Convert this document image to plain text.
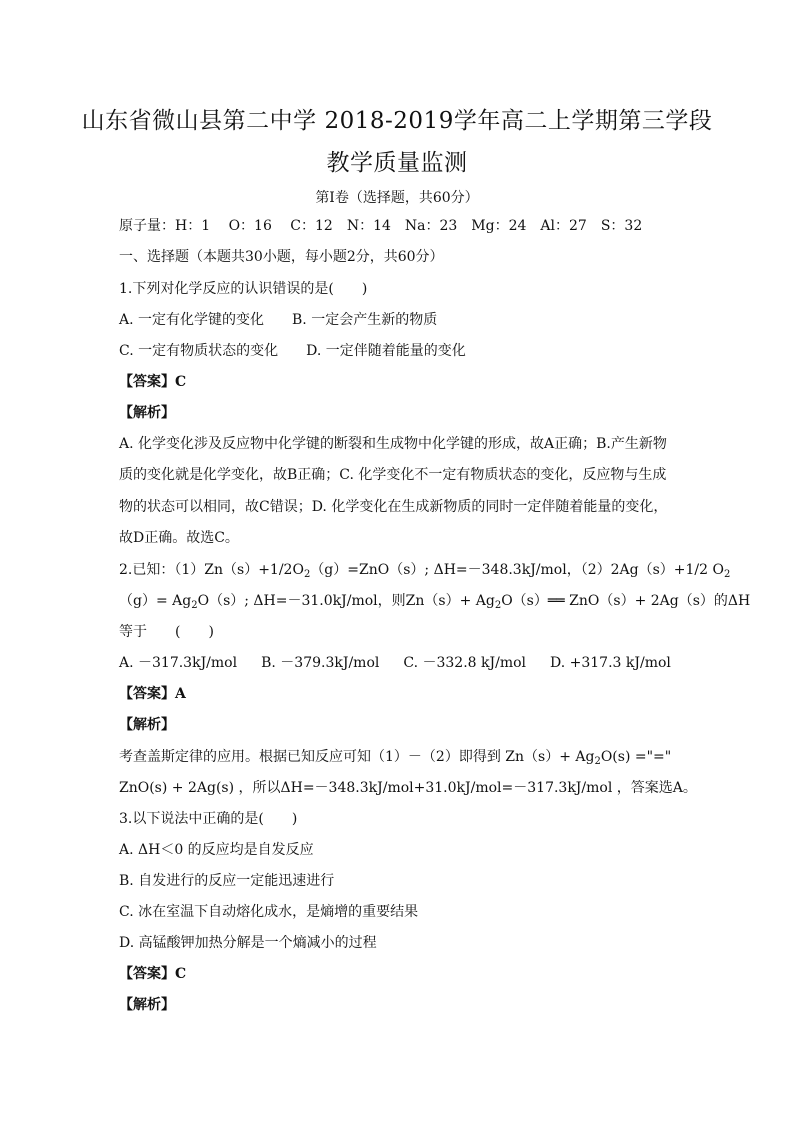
山东省微山县第二中学 2018-2019学年高二上学期第三学段
教学质量监测
第Ⅰ卷（选择题，共60分）
原子量：H：1　 O：16　 C：12　N：14　Na：23　Mg：24　Al：27　S：32
一、选择题（本题共30小题，每小题2分，共60分）
1.下列对化学反应的认识错误的是(　　)
A. 一定有化学键的变化 B. 一定会产生新的物质
C. 一定有物质状态的变化 D. 一定伴随着能量的变化
【答案】C
【解析】
A. 化学变化涉及反应物中化学键的断裂和生成物中化学键的形成，故A正确；B.产生新物
质的变化就是化学变化，故B正确；C. 化学变化不一定有物质状态的变化，反应物与生成
物的状态可以相同，故C错误；D. 化学变化在生成新物质的同时一定伴随着能量的变化，
故D正确。故选C。
2.已知：$(1)Zn(s)+1/2O_2(g)=ZnO(s)$; ΔH=－348.3kJ/mol，（2）2Ag（s）+1/2 $O_2$
$(g)= Ag_2O(s)$; ΔH=－31.0kJ/mol，则$Zn(s)+ Ag_2O(s)══$ ZnO（s）+ 2Ag（s）的ΔH
等于　　(　　)
A. －317.3kJ/mol B. －379.3kJ/mol C. －332.8 kJ/mol D. +317.3 kJ/mol
【答案】A
【解析】
考查盖斯定律的应用。根据已知反应可知（1）－（2）即得到 $Zn(s)+ Ag_2O(s)$ ="="
ZnO(s) + 2Ag(s) ，所以ΔH=－348.3kJ/mol+31.0kJ/mol=－317.3kJ/mol ，答案选A。
3.以下说法中正确的是(　　)
A. ΔH＜0 的反应均是自发反应
B. 自发进行的反应一定能迅速进行
C. 冰在室温下自动熔化成水，是熵增的重要结果
D. 高锰酸钾加热分解是一个熵减小的过程
【答案】C
【解析】
